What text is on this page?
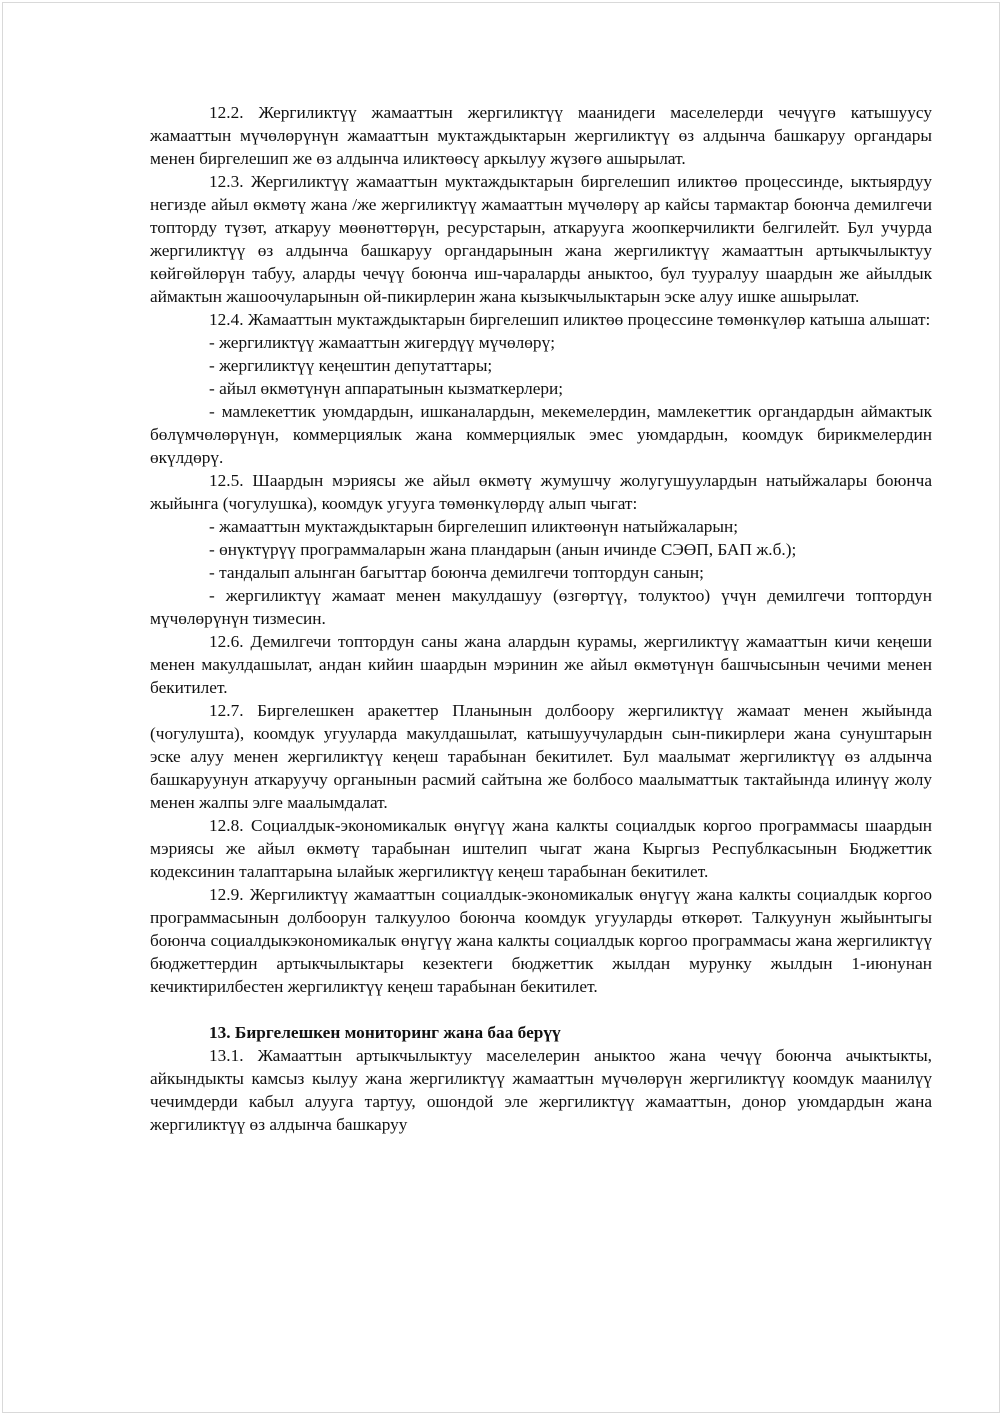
12.2. Жергиликтүү жамааттын жергиликтүү маанидеги маселелерди чечүүгө катышуусу жамааттын мүчөлөрүнүн жамааттын муктаждыктарын жергиликтүү өз алдынча башкаруу органдары менен биргелешип же өз алдынча иликтөөсү аркылуу жүзөгө ашырылат.

12.3. Жергиликтүү жамааттын муктаждыктарын биргелешип иликтөө процессинде, ыктыярдуу негизде айыл өкмөтү жана /же жергиликтүү жамааттын мүчөлөрү ар кайсы тармактар боюнча демилгечи топторду түзөт, аткаруу мөөнөттөрүн, ресурстарын, аткарууга жоопкерчиликти белгилейт. Бул учурда жергиликтүү өз алдынча башкаруу органдарынын жана жергиликтүү жамааттын артыкчылыктуу көйгөйлөрүн табуу, аларды чечүү боюнча иш-чараларды аныктоо, бул тууралуу шаардын же айылдык аймактын жашоочуларынын ой-пикирлерин жана кызыкчылыктарын эске алуу ишке ашырылат.

12.4. Жамааттын муктаждыктарын биргелешип иликтөө процессине төмөнкүлөр катыша алышат:

- жергиликтүү жамааттын жигердүү мүчөлөрү;

- жергиликтүү кеңештин депутаттары;

- айыл өкмөтүнүн аппаратынын кызматкерлери;

- мамлекеттик уюмдардын, ишканалардын, мекемелердин, мамлекеттик органдардын аймактык бөлүмчөлөрүнүн, коммерциялык жана коммерциялык эмес уюмдардын, коомдук бирикмелердин өкүлдөрү.

12.5. Шаардын мэриясы же айыл өкмөтү жумушчу жолугушуулардын натыйжалары боюнча жыйынга (чогулушка), коомдук угууга төмөнкүлөрдү алып чыгат:

- жамааттын муктаждыктарын биргелешип иликтөөнүн натыйжаларын;

- өнүктүрүү программаларын жана пландарын (анын ичинде СЭӨП, БАП ж.б.);

- тандалып алынган багыттар боюнча демилгечи топтордун санын;

- жергиликтүү жамаат менен макулдашуу (өзгөртүү, толуктоо) үчүн демилгечи топтордун мүчөлөрүнүн тизмесин.

12.6. Демилгечи топтордун саны жана алардын курамы, жергиликтүү жамааттын кичи кеңеши менен макулдашылат, андан кийин шаардын мэринин же айыл өкмөтүнүн башчысынын чечими менен бекитилет.

12.7. Биргелешкен аракеттер Планынын долбоору жергиликтүү жамаат менен жыйында (чогулушта), коомдук угууларда макулдашылат, катышуучулардын сын-пикирлери жана сунуштарын эске алуу менен жергиликтүү кеңеш тарабынан бекитилет. Бул маалымат жергиликтүү өз алдынча башкаруунун аткаруучу органынын расмий сайтына же болбосо маалыматтык тактайында илинүү жолу менен жалпы элге маалымдалат.

12.8. Социалдык-экономикалык өнүгүү жана калкты социалдык коргоо программасы шаардын мэриясы же айыл өкмөтү тарабынан иштелип чыгат жана Кыргыз Республкасынын Бюджеттик кодексинин талаптарына ылайык жергиликтүү кеңеш тарабынан бекитилет.

12.9. Жергиликтүү жамааттын социалдык-экономикалык өнүгүү жана калкты социалдык коргоо программасынын долбоорун талкуулоо боюнча коомдук угууларды өткөрөт. Талкуунун жыйынтыгы боюнча социалдыкэкономикалык өнүгүү жана калкты социалдык коргоо программасы жана жергиликтүү бюджеттердин артыкчылыктары кезектеги бюджеттик жылдан мурунку жылдын 1-июнунан кечиктирилбестен жергиликтүү кеңеш тарабынан бекитилет.

13. Биргелешкен мониторинг жана баа берүү

13.1. Жамааттын артыкчылыктуу маселелерин аныктоо жана чечүү боюнча ачыктыкты, айкындыкты камсыз кылуу жана жергиликтүү жамааттын мүчөлөрүн жергиликтүү коомдук маанилүү чечимдерди кабыл алууга тартуу, ошондой эле жергиликтүү жамааттын, донор уюмдардын жана жергиликтүү өз алдынча башкаруу
